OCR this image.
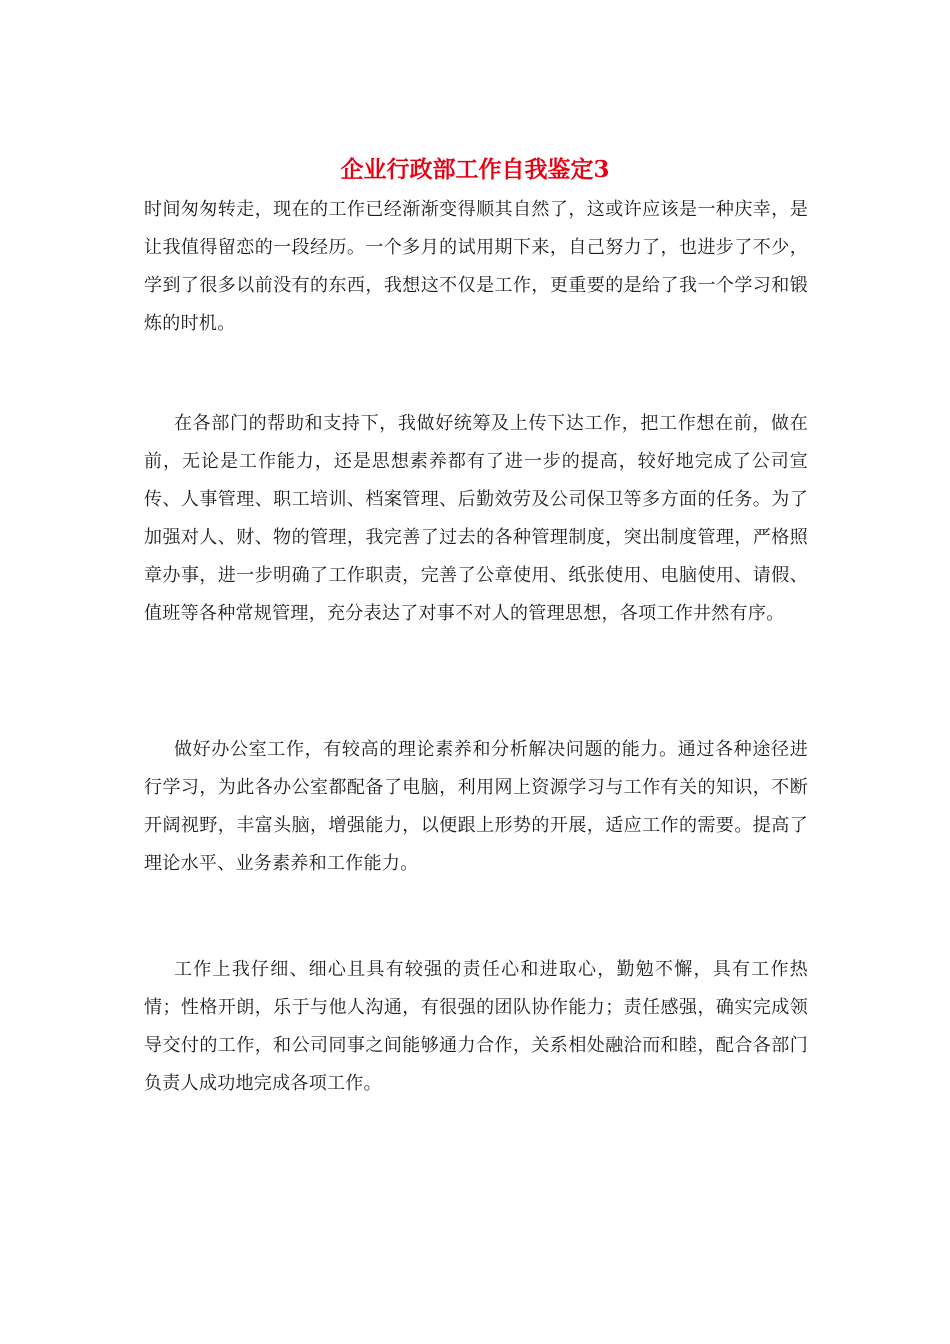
企业行政部工作自我鉴定3

时间匆匆转走，现在的工作已经渐渐变得顺其自然了，这或许应该是一种庆幸，是让我值得留恋的一段经历。一个多月的试用期下来，自己努力了，也进步了不少，学到了很多以前没有的东西，我想这不仅是工作，更重要的是给了我一个学习和锻炼的时机。

在各部门的帮助和支持下，我做好统筹及上传下达工作，把工作想在前，做在前，无论是工作能力，还是思想素养都有了进一步的提高，较好地完成了公司宣传、人事管理、职工培训、档案管理、后勤效劳及公司保卫等多方面的任务。为了加强对人、财、物的管理，我完善了过去的各种管理制度，突出制度管理，严格照章办事，进一步明确了工作职责，完善了公章使用、纸张使用、电脑使用、请假、值班等各种常规管理，充分表达了对事不对人的管理思想，各项工作井然有序。

做好办公室工作，有较高的理论素养和分析解决问题的能力。通过各种途径进行学习，为此各办公室都配备了电脑，利用网上资源学习与工作有关的知识，不断开阔视野，丰富头脑，增强能力，以便跟上形势的开展，适应工作的需要。提高了理论水平、业务素养和工作能力。

工作上我仔细、细心且具有较强的责任心和进取心，勤勉不懈，具有工作热情；性格开朗，乐于与他人沟通，有很强的团队协作能力；责任感强，确实完成领导交付的工作，和公司同事之间能够通力合作，关系相处融洽而和睦，配合各部门负责人成功地完成各项工作。
